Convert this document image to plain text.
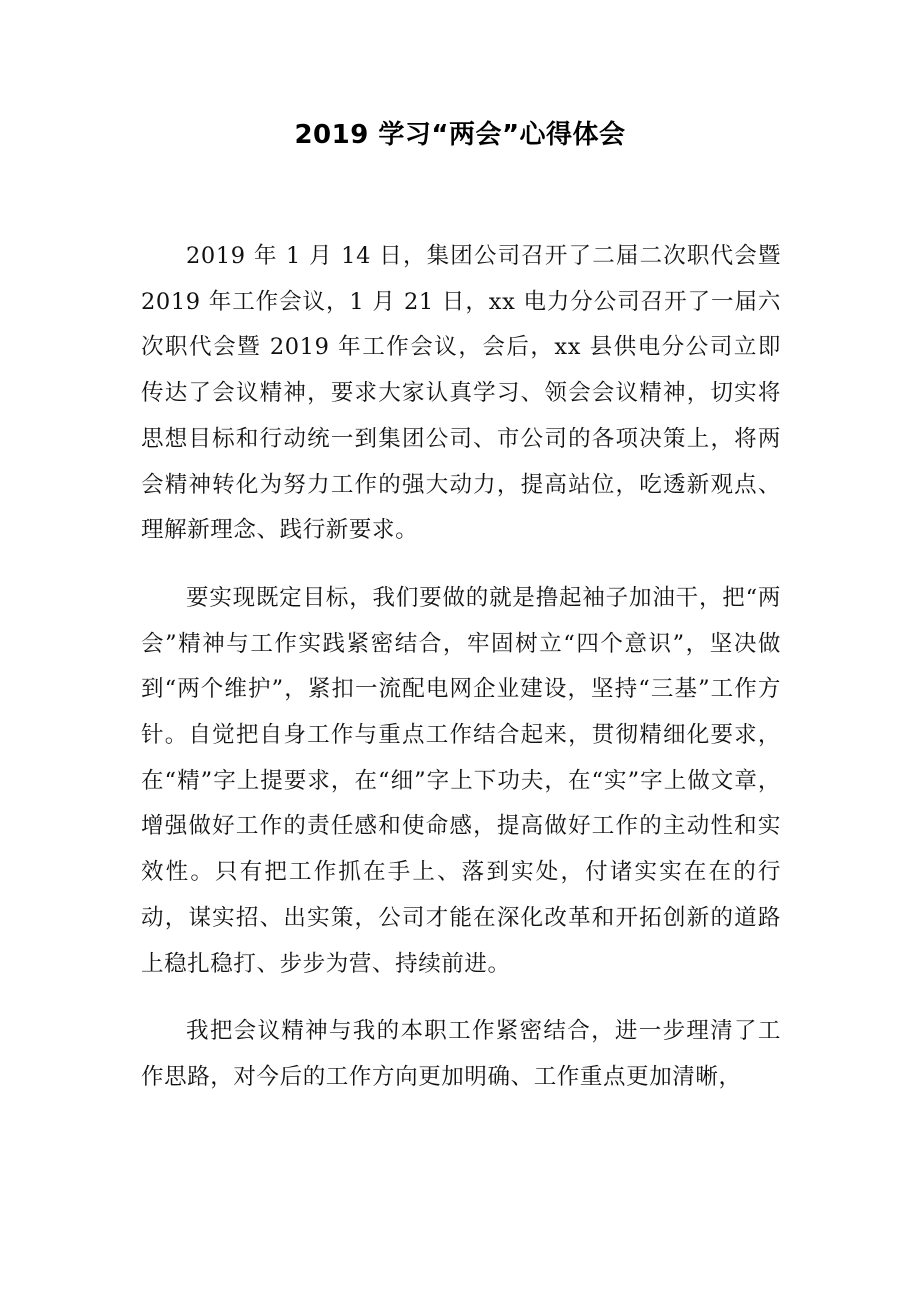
2019 学习“两会”心得体会

2019 年 1 月 14 日，集团公司召开了二届二次职代会暨 2019 年工作会议，1 月 21 日，xx 电力分公司召开了一届六次职代会暨 2019 年工作会议，会后，xx 县供电分公司立即传达了会议精神，要求大家认真学习、领会会议精神，切实将思想目标和行动统一到集团公司、市公司的各项决策上，将两会精神转化为努力工作的强大动力，提高站位，吃透新观点、理解新理念、践行新要求。

要实现既定目标，我们要做的就是撸起袖子加油干，把“两会”精神与工作实践紧密结合，牢固树立“四个意识”，坚决做到“两个维护”，紧扣一流配电网企业建设，坚持“三基”工作方针。自觉把自身工作与重点工作结合起来，贯彻精细化要求，在“精”字上提要求，在“细”字上下功夫，在“实”字上做文章，增强做好工作的责任感和使命感，提高做好工作的主动性和实效性。只有把工作抓在手上、落到实处，付诸实实在在的行动，谋实招、出实策，公司才能在深化改革和开拓创新的道路上稳扎稳打、步步为营、持续前进。

我把会议精神与我的本职工作紧密结合，进一步理清了工作思路，对今后的工作方向更加明确、工作重点更加清晰，
